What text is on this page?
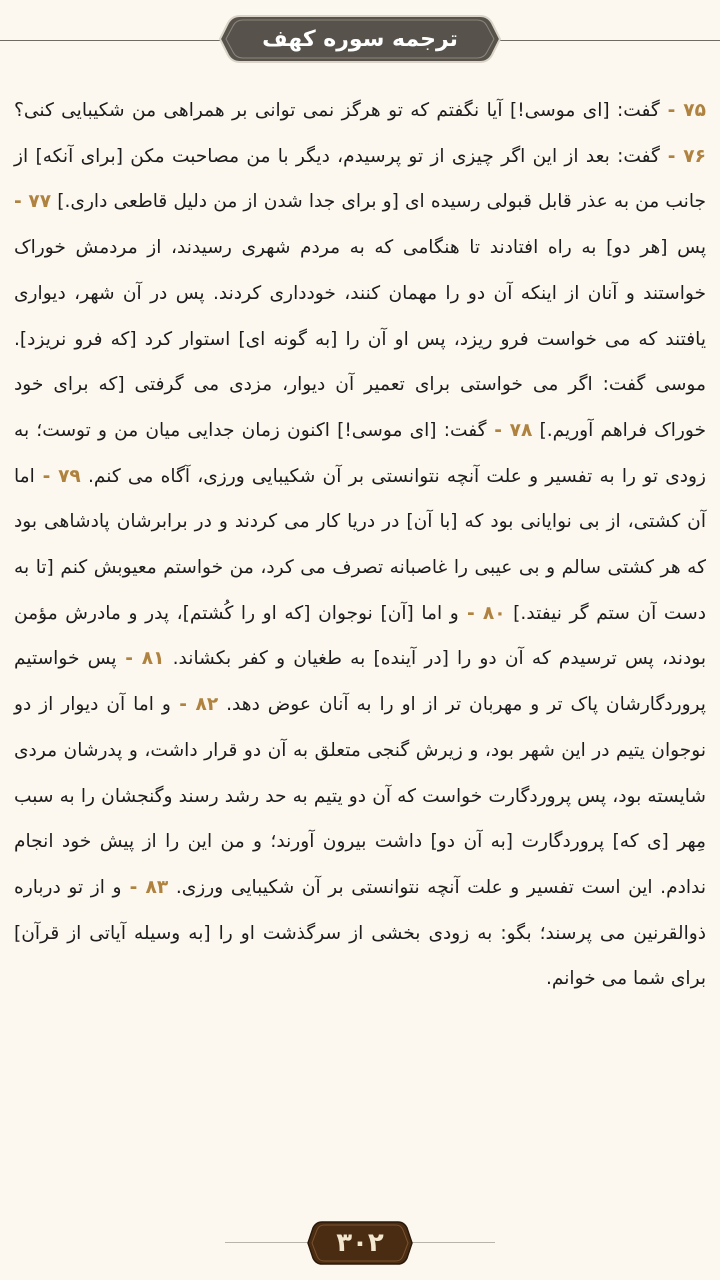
ترجمه سوره کهف

۷۵ - گفت: [ای موسی!] آیا نگفتم که تو هرگز نمی توانی بر همراهی من شکیبایی کنی؟ ۷۶ - گفت: بعد از این اگر چیزی از تو پرسیدم، دیگر با من مصاحبت مکن [برای آنکه] از جانب من به عذر قابل قبولی رسیده ای [و برای جدا شدن از من دلیل قاطعی داری.] ۷۷ - پس [هر دو] به راه افتادند تا هنگامی که به مردم شهری رسیدند، از مردمش خوراک خواستند و آنان از اینکه آن دو را مهمان کنند، خودداری کردند. پس در آن شهر، دیواری یافتند که می خواست فرو ریزد، پس او آن را [به گونه ای] استوار کرد [که فرو نریزد]. موسی گفت: اگر می خواستی برای تعمیر آن دیوار، مزدی می گرفتی [که برای خود خوراک فراهم آوریم.] ۷۸ - گفت: [ای موسی!] اکنون زمان جدایی میان من و توست؛ به زودی تو را به تفسیر و علت آنچه نتوانستی بر آن شکیبایی ورزی، آگاه می کنم. ۷۹ - اما آن کشتی، از بی نوایانی بود که [با آن] در دریا کار می کردند و در برابرشان پادشاهی بود که هر کشتی سالم و بی عیبی را غاصبانه تصرف می کرد، من خواستم معیوبش کنم [تا به دست آن ستم گر نیفتد.] ۸۰ - و اما [آن] نوجوان [که او را کُشتم]، پدر و مادرش مؤمن بودند، پس ترسیدم که آن دو را [در آینده] به طغیان و کفر بکشاند. ۸۱ - پس خواستیم پروردگارشان پاک تر و مهربان تر از او را به آنان عوض دهد. ۸۲ - و اما آن دیوار از دو نوجوان یتیم در این شهر بود، و زیرش گنجی متعلق به آن دو قرار داشت، و پدرشان مردی شایسته بود، پس پروردگارت خواست که آن دو یتیم به حد رشد رسند وگنجشان را به سبب مِهر [ی که] پروردگارت [به آن دو] داشت بیرون آورند؛ و من این را از پیش خود انجام ندادم. این است تفسیر و علت آنچه نتوانستی بر آن شکیبایی ورزی. ۸۳ - و از تو درباره ذوالقرنین می پرسند؛ بگو: به زودی بخشی از سرگذشت او را [به وسیله آیاتی از قرآن] برای شما می خوانم.

۳۰۲
